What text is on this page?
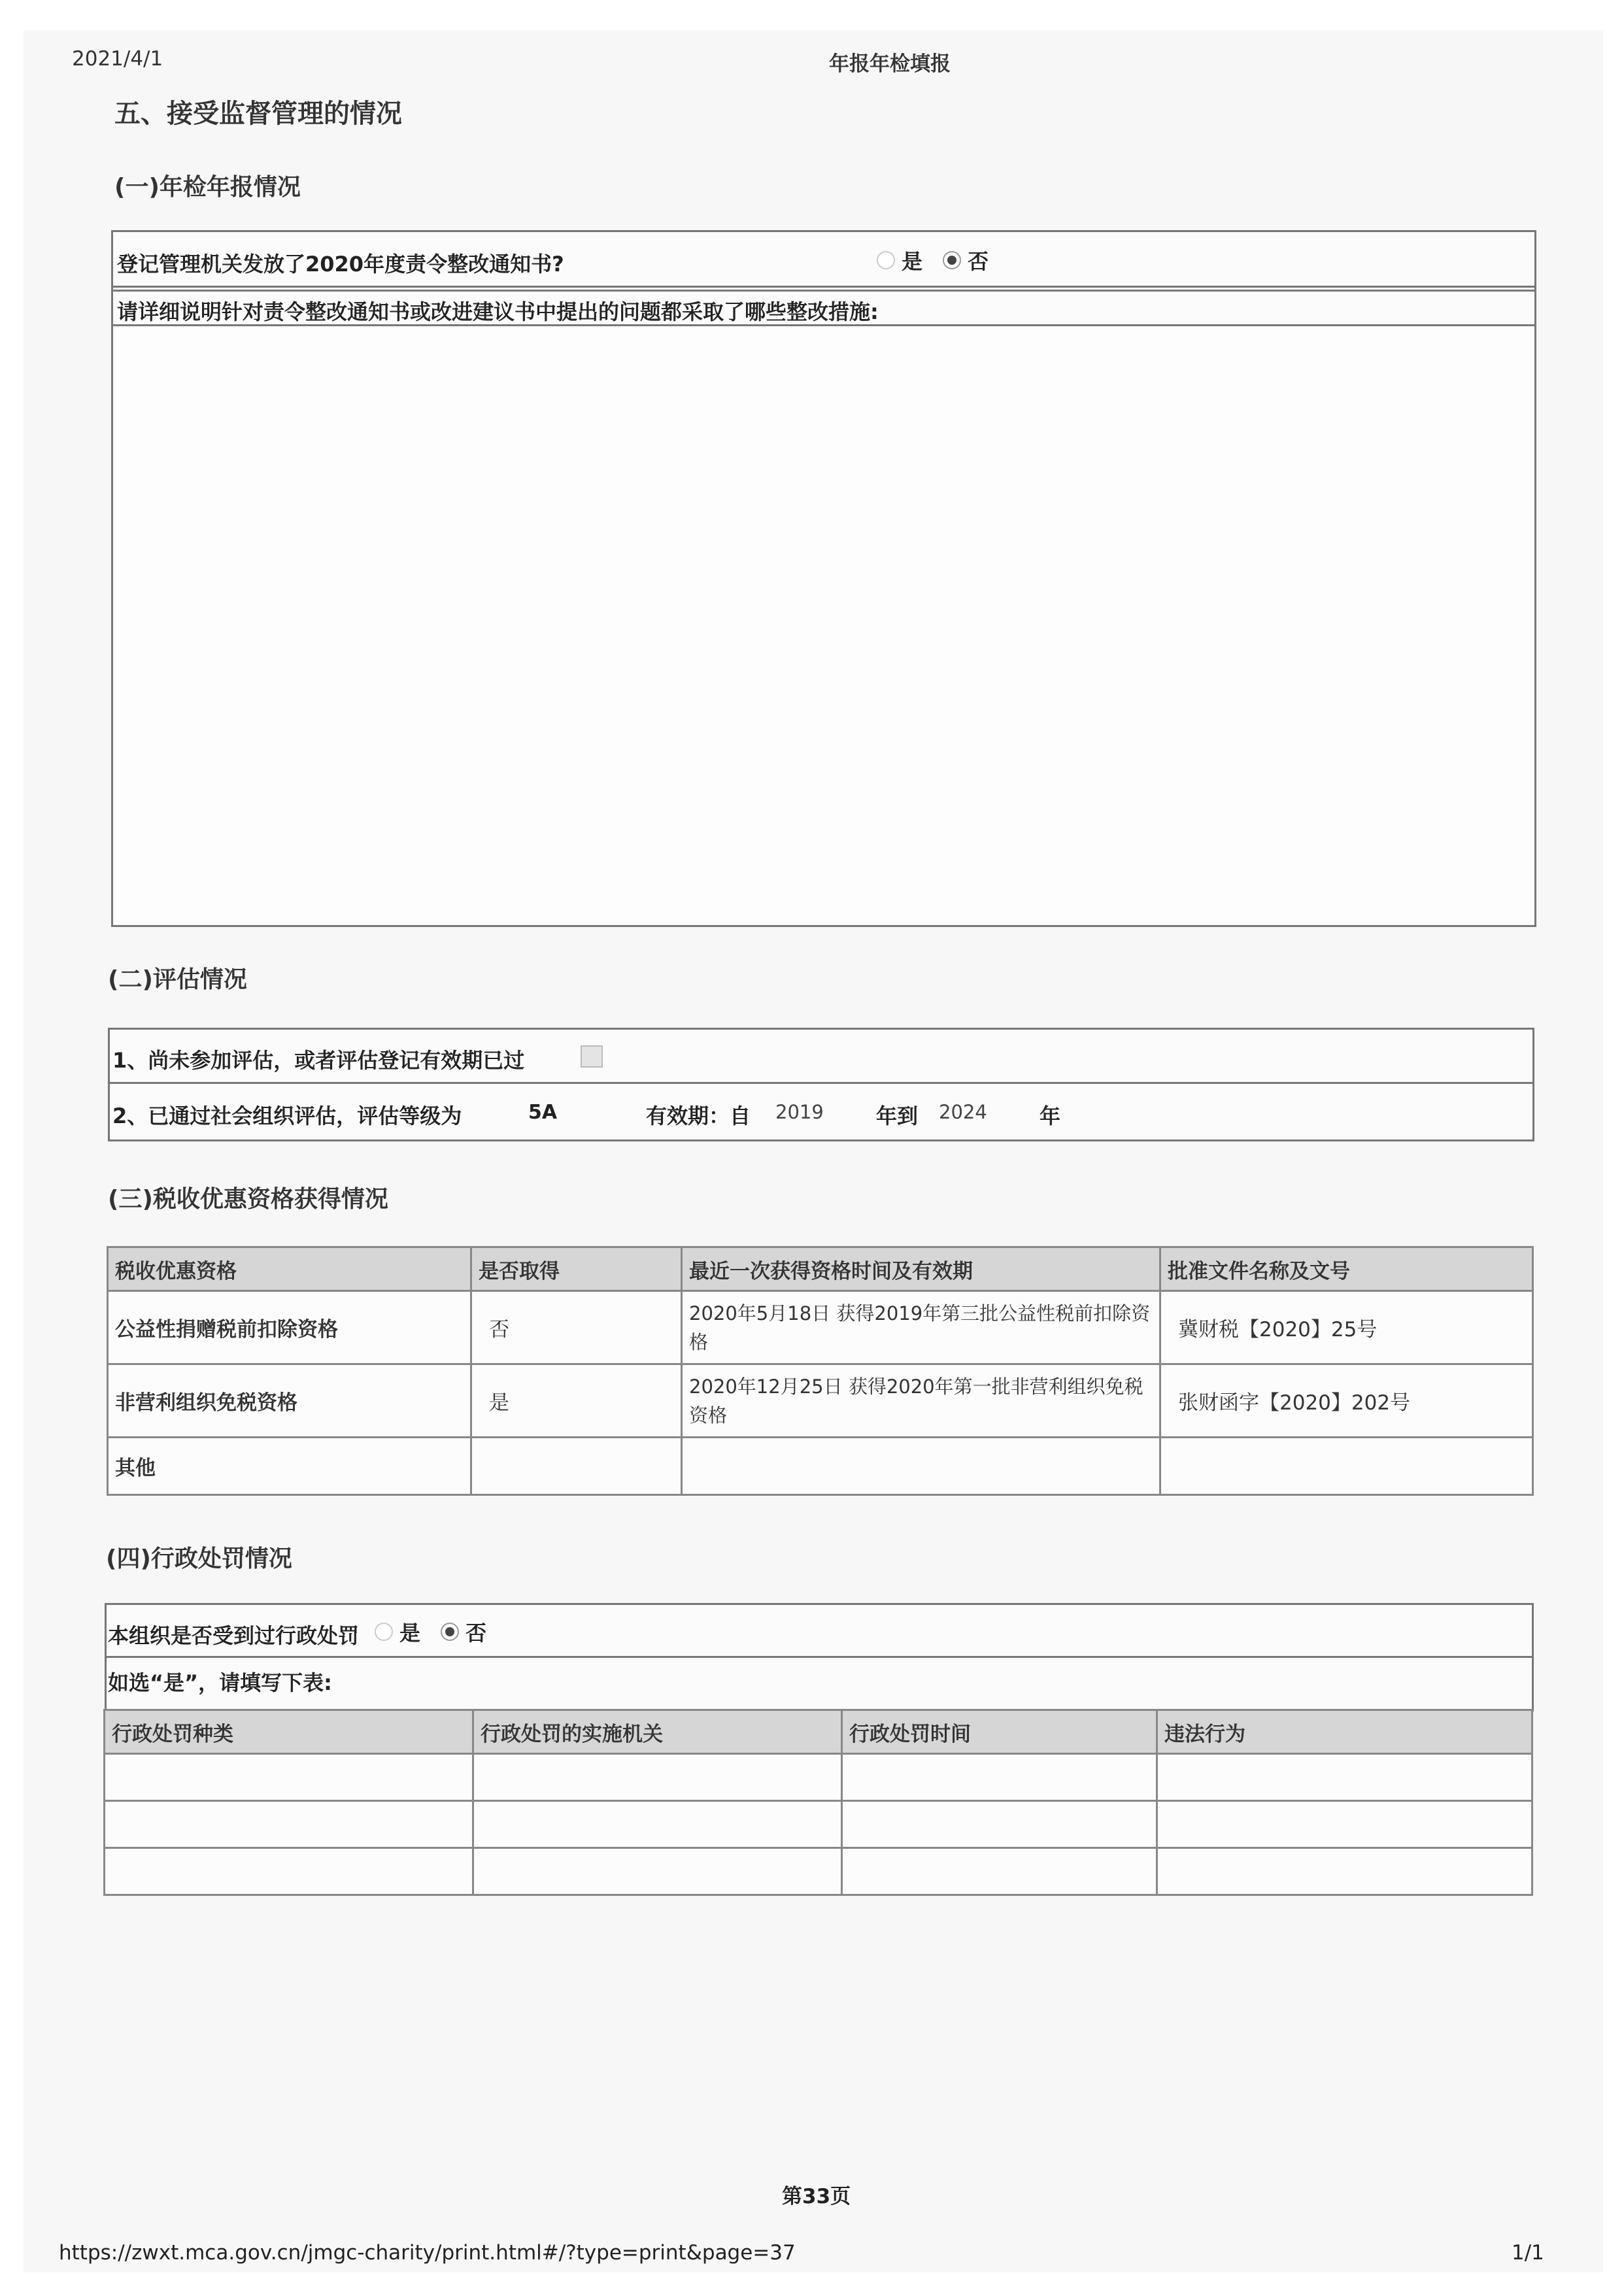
2021/4/1	年报年检填报
五、接受监督管理的情况
(一)年检年报情况
登记管理机关发放了2020年度责令整改通知书?	是 否
请详细说明针对责令整改通知书或改进建议书中提出的问题都采取了哪些整改措施:
(二)评估情况
1、尚未参加评估，或者评估登记有效期已过
2、已通过社会组织评估，评估等级为	5A	有效期：自 2019	年到 2024	年
(三)税收优惠资格获得情况
税收优惠资格	是否取得	最近一次获得资格时间及有效期	批准文件名称及文号
公益性捐赠税前扣除资格	否	2020年5月18日 获得2019年第三批公益性税前扣除资格	冀财税【2020】25号
非营利组织免税资格	是	2020年12月25日 获得2020年第一批非营利组织免税资格	张财函字【2020】202号
其他			
(四)行政处罚情况
本组织是否受到过行政处罚	是 否
如选“是”，请填写下表:
行政处罚种类	行政处罚的实施机关	行政处罚时间	违法行为

第33页
https://zwxt.mca.gov.cn/jmgc-charity/print.html#/?type=print&page=37	1/1
